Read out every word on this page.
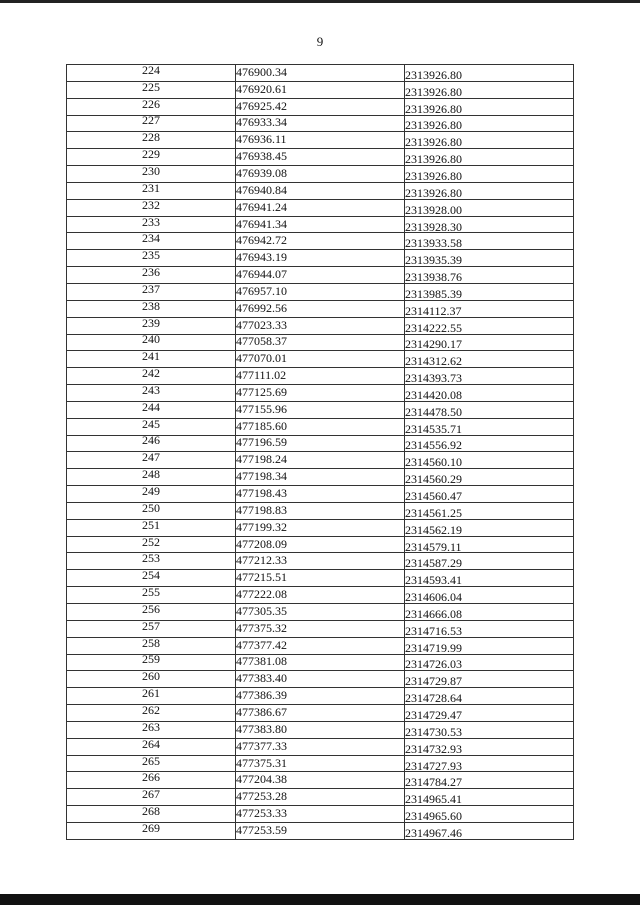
9
224	476900.34	2313926.80
225	476920.61	2313926.80
226	476925.42	2313926.80
227	476933.34	2313926.80
228	476936.11	2313926.80
229	476938.45	2313926.80
230	476939.08	2313926.80
231	476940.84	2313926.80
232	476941.24	2313928.00
233	476941.34	2313928.30
234	476942.72	2313933.58
235	476943.19	2313935.39
236	476944.07	2313938.76
237	476957.10	2313985.39
238	476992.56	2314112.37
239	477023.33	2314222.55
240	477058.37	2314290.17
241	477070.01	2314312.62
242	477111.02	2314393.73
243	477125.69	2314420.08
244	477155.96	2314478.50
245	477185.60	2314535.71
246	477196.59	2314556.92
247	477198.24	2314560.10
248	477198.34	2314560.29
249	477198.43	2314560.47
250	477198.83	2314561.25
251	477199.32	2314562.19
252	477208.09	2314579.11
253	477212.33	2314587.29
254	477215.51	2314593.41
255	477222.08	2314606.04
256	477305.35	2314666.08
257	477375.32	2314716.53
258	477377.42	2314719.99
259	477381.08	2314726.03
260	477383.40	2314729.87
261	477386.39	2314728.64
262	477386.67	2314729.47
263	477383.80	2314730.53
264	477377.33	2314732.93
265	477375.31	2314727.93
266	477204.38	2314784.27
267	477253.28	2314965.41
268	477253.33	2314965.60
269	477253.59	2314967.46
